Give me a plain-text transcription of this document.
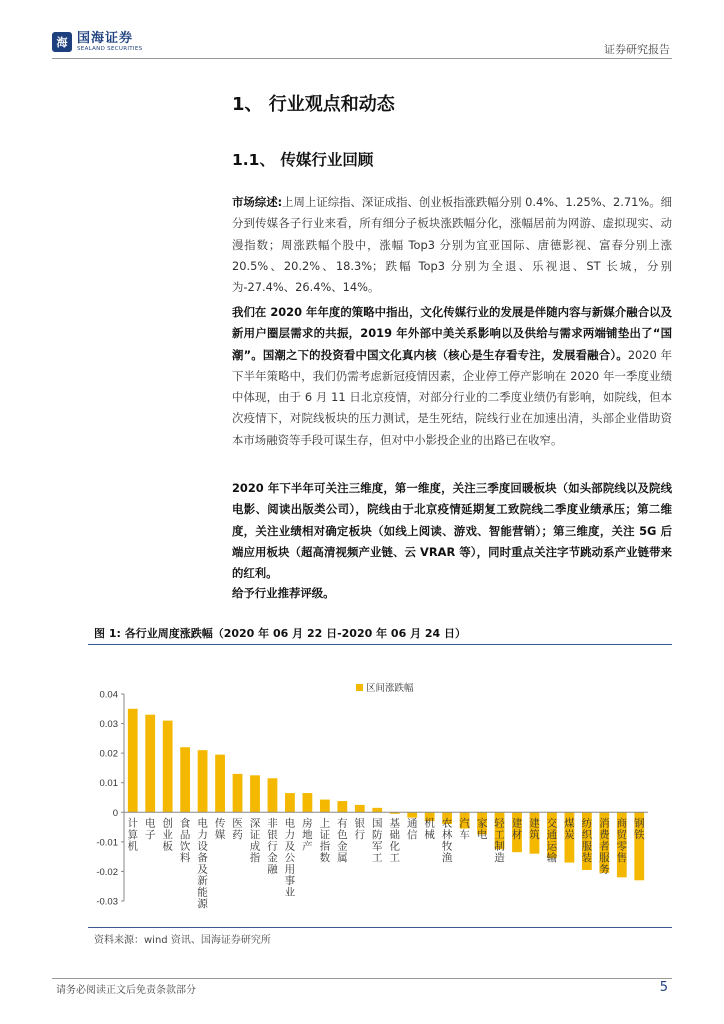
海 国海证券
SEALAND SECURITIES	证券研究报告
1、 行业观点和动态
1.1、 传媒行业回顾
市场综述:上周上证综指、深证成指、创业板指涨跌幅分别 0.4%、1.25%、2.71%。细分到传媒各子行业来看，所有细分子板块涨跌幅分化，涨幅居前为网游、虚拟现实、动漫指数；周涨跌幅个股中，涨幅 Top3 分别为宜亚国际、唐德影视、富春分别上涨 20.5%、20.2%、18.3%；跌幅 Top3 分别为全退、乐视退、ST 长城，分别为-27.4%、26.4%、14%。
我们在 2020 年年度的策略中指出，文化传媒行业的发展是伴随内容与新媒介融合以及新用户圈层需求的共振，2019 年外部中美关系影响以及供给与需求两端铺垫出了“国潮”。国潮之下的投资看中国文化真内核（核心是生存看专注，发展看融合）。2020 年下半年策略中，我们仍需考虑新冠疫情因素，企业停工停产影响在 2020 年一季度业绩中体现，由于 6 月 11 日北京疫情，对部分行业的二季度业绩仍有影响，如院线，但本次疫情下，对院线板块的压力测试，是生死结，院线行业在加速出清，头部企业借助资本市场融资等手段可谋生存，但对中小影投企业的出路已在收窄。
2020 年下半年可关注三维度，第一维度，关注三季度回暖板块（如头部院线以及院线电影、阅读出版类公司），院线由于北京疫情延期复工致院线二季度业绩承压；第二维度，关注业绩相对确定板块（如线上阅读、游戏、智能营销）；第三维度，关注 5G 后端应用板块（超高清视频产业链、云 VRAR 等），同时重点关注字节跳动系产业链带来的红利。
给予行业推荐评级。
图 1: 各行业周度涨跌幅（2020 年 06 月 22 日-2020 年 06 月 24 日）
-0.03
-0.02
-0.01
0
0.01
0.02
0.03
0.04
计算机
电子
创业板
食品饮料
电力设备及新能源
传媒
医药
深证成指
非银行金融
电力及公用事业
房地产
上证指数
有色金属
银行
国防军工
基础化工
通信
机械
农林牧渔
汽车
家电
轻工制造
建材
建筑
交通运输
煤炭
纺织服装
消费者服务
商贸零售
钢铁
区间涨跌幅
资料来源：wind 资讯、国海证券研究所
请务必阅读正文后免责条款部分	5
